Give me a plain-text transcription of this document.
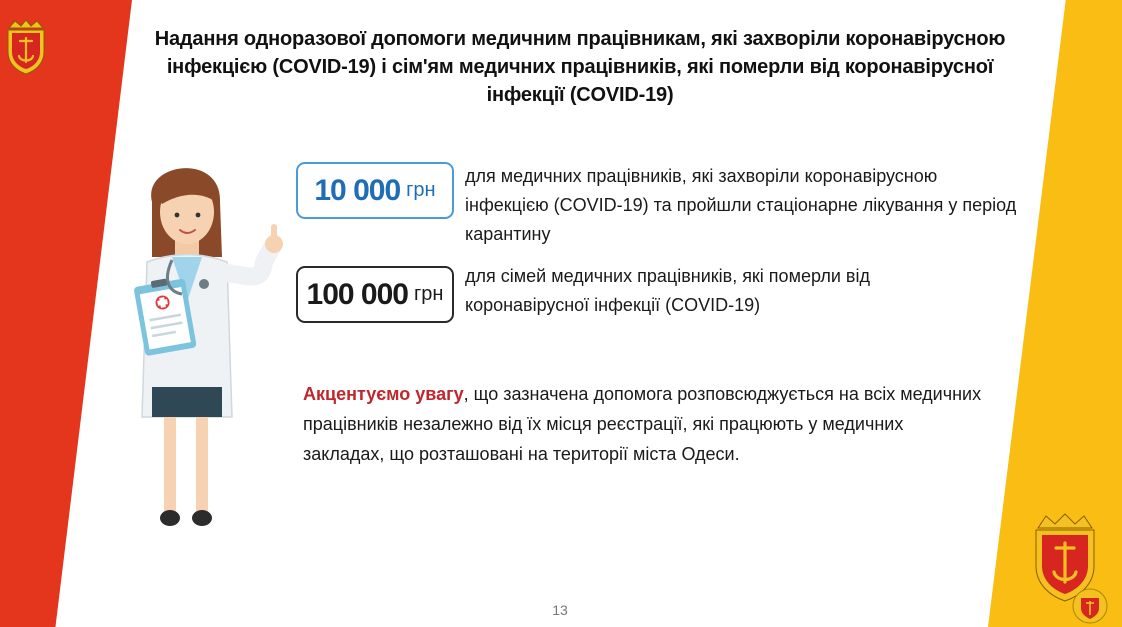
Надання одноразової допомоги медичним працівникам, які захворіли коронавірусною інфекцією (COVID-19) і сім'ям медичних працівників, які померли від коронавірусної інфекції (COVID-19)
10 000 грн

для медичних працівників, які захворіли коронавірусною інфекцією (COVID-19) та пройшли стаціонарне лікування у період карантину

100 000 грн

для сімей медичних працівників, які померли від коронавірусної інфекції (COVID-19)

Акцентуємо увагу, що зазначена допомога розповсюджується на всіх медичних працівників незалежно від їх місця реєстрації, які працюють у медичних закладах, що розташовані на території міста Одеси.

13
